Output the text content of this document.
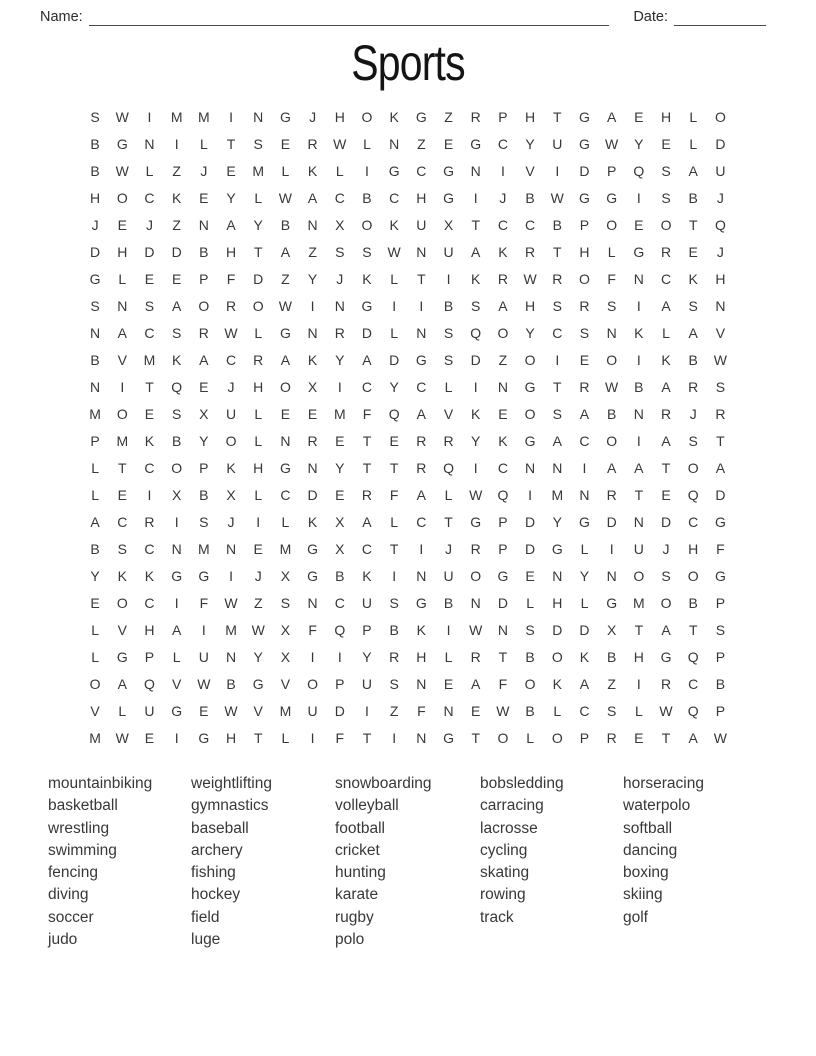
Name:	Date:
Sports
S	W	I	M	M	I	N	G	J	H	O	K	G	Z	R	P	H	T	G	A	E	H	L	O
B	G	N	I	L	T	S	E	R	W	L	N	Z	E	G	C	Y	U	G	W	Y	E	L	D
B	W	L	Z	J	E	M	L	K	L	I	G	C	G	N	I	V	I	D	P	Q	S	A	U
H	O	C	K	E	Y	L	W	A	C	B	C	H	G	I	J	B	W	G	G	I	S	B	J
J	E	J	Z	N	A	Y	B	N	X	O	K	U	X	T	C	C	B	P	O	E	O	T	Q
D	H	D	D	B	H	T	A	Z	S	S	W	N	U	A	K	R	T	H	L	G	R	E	J
G	L	E	E	P	F	D	Z	Y	J	K	L	T	I	K	R	W	R	O	F	N	C	K	H
S	N	S	A	O	R	O	W	I	N	G	I	I	B	S	A	H	S	R	S	I	A	S	N
N	A	C	S	R	W	L	G	N	R	D	L	N	S	Q	O	Y	C	S	N	K	L	A	V
B	V	M	K	A	C	R	A	K	Y	A	D	G	S	D	Z	O	I	E	O	I	K	B	W
N	I	T	Q	E	J	H	O	X	I	C	Y	C	L	I	N	G	T	R	W	B	A	R	S
M	O	E	S	X	U	L	E	E	M	F	Q	A	V	K	E	O	S	A	B	N	R	J	R
P	M	K	B	Y	O	L	N	R	E	T	E	R	R	Y	K	G	A	C	O	I	A	S	T
L	T	C	O	P	K	H	G	N	Y	T	T	R	Q	I	C	N	N	I	A	A	T	O	A
L	E	I	X	B	X	L	C	D	E	R	F	A	L	W	Q	I	M	N	R	T	E	Q	D
A	C	R	I	S	J	I	L	K	X	A	L	C	T	G	P	D	Y	G	D	N	D	C	G
B	S	C	N	M	N	E	M	G	X	C	T	I	J	R	P	D	G	L	I	U	J	H	F
Y	K	K	G	G	I	J	X	G	B	K	I	N	U	O	G	E	N	Y	N	O	S	O	G
E	O	C	I	F	W	Z	S	N	C	U	S	G	B	N	D	L	H	L	G	M	O	B	P
L	V	H	A	I	M	W	X	F	Q	P	B	K	I	W	N	S	D	D	X	T	A	T	S
L	G	P	L	U	N	Y	X	I	I	Y	R	H	L	R	T	B	O	K	B	H	G	Q	P
O	A	Q	V	W	B	G	V	O	P	U	S	N	E	A	F	O	K	A	Z	I	R	C	B
V	L	U	G	E	W	V	M	U	D	I	Z	F	N	E	W	B	L	C	S	L	W	Q	P
M	W	E	I	G	H	T	L	I	F	T	I	N	G	T	O	L	O	P	R	E	T	A	W
mountainbiking
basketball
wrestling
swimming
fencing
diving
soccer
judo
weightlifting
gymnastics
baseball
archery
fishing
hockey
field
luge
snowboarding
volleyball
football
cricket
hunting
karate
rugby
polo
bobsledding
carracing
lacrosse
cycling
skating
rowing
track
horseracing
waterpolo
softball
dancing
boxing
skiing
golf
